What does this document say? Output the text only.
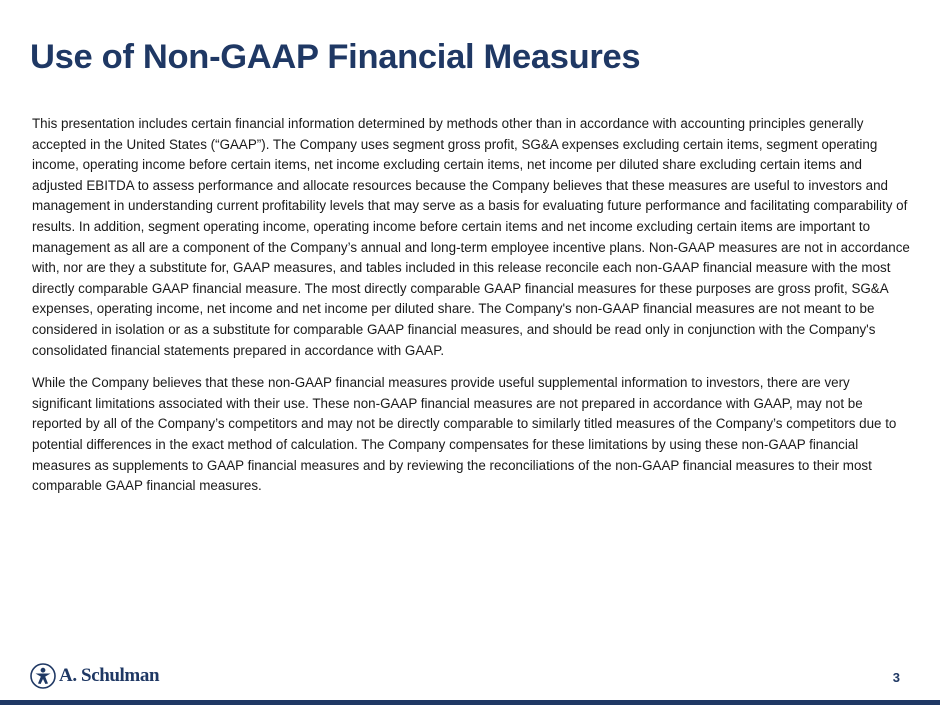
Use of Non-GAAP Financial Measures

This presentation includes certain financial information determined by methods other than in accordance with accounting principles generally accepted in the United States (“GAAP”). The Company uses segment gross profit, SG&A expenses excluding certain items, segment operating income, operating income before certain items, net income excluding certain items, net income per diluted share excluding certain items and adjusted EBITDA to assess performance and allocate resources because the Company believes that these measures are useful to investors and management in understanding current profitability levels that may serve as a basis for evaluating future performance and facilitating comparability of results. In addition, segment operating income, operating income before certain items and net income excluding certain items are important to management as all are a component of the Company’s annual and long-term employee incentive plans. Non-GAAP measures are not in accordance with, nor are they a substitute for, GAAP measures, and tables included in this release reconcile each non-GAAP financial measure with the most directly comparable GAAP financial measure. The most directly comparable GAAP financial measures for these purposes are gross profit, SG&A expenses, operating income, net income and net income per diluted share. The Company's non-GAAP financial measures are not meant to be considered in isolation or as a substitute for comparable GAAP financial measures, and should be read only in conjunction with the Company's consolidated financial statements prepared in accordance with GAAP.

While the Company believes that these non-GAAP financial measures provide useful supplemental information to investors, there are very significant limitations associated with their use. These non-GAAP financial measures are not prepared in accordance with GAAP, may not be reported by all of the Company’s competitors and may not be directly comparable to similarly titled measures of the Company’s competitors due to potential differences in the exact method of calculation. The Company compensates for these limitations by using these non-GAAP financial measures as supplements to GAAP financial measures and by reviewing the reconciliations of the non-GAAP financial measures to their most comparable GAAP financial measures.

A. Schulman	3
